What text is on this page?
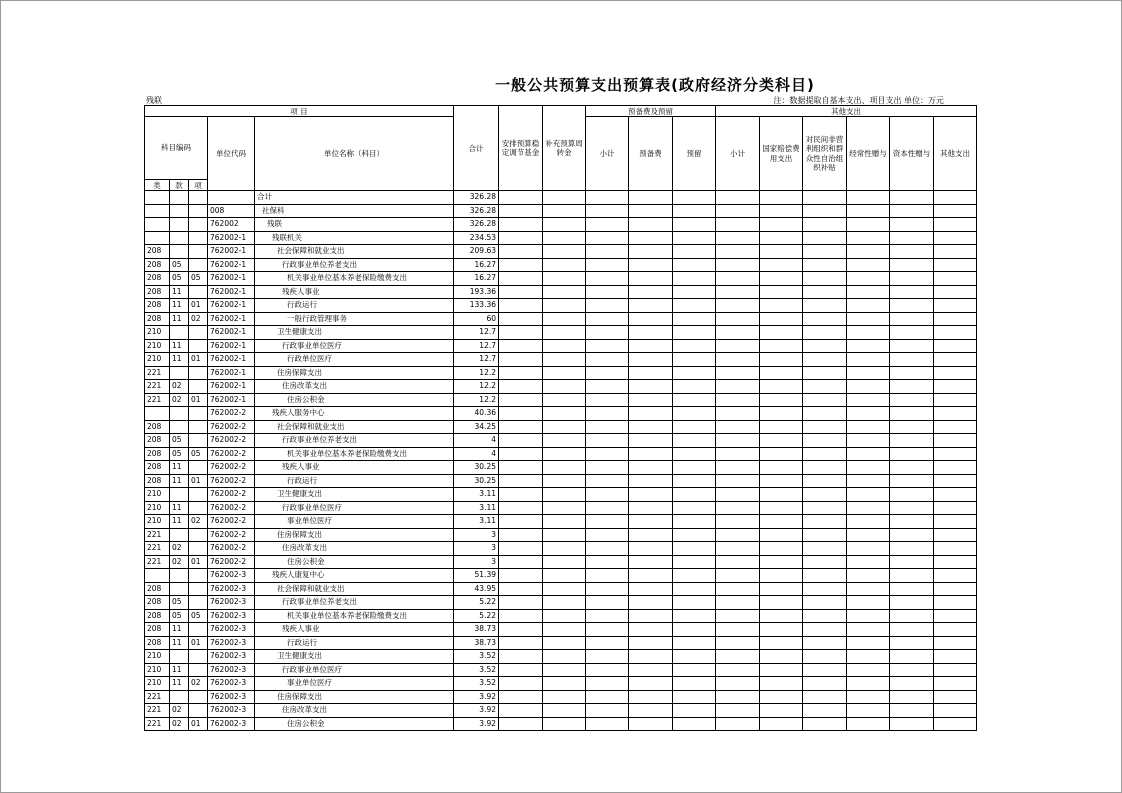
一般公共预算支出预算表(政府经济分类科目)
残联	注：数据提取自基本支出、项目支出 单位：万元
项 目					合计	安排预算稳定调节基金	补充预算周转金	预备费及预留			其他支出					
科目编码			单位代码	单位名称（科目）				小计	预备费	预留	小计	国家赔偿费用支出	对民间非营利组织和群众性自治组织补贴	经常性赠与	资本性赠与	其他支出
类	款	项														
				合计	326.28											
			008	社保科	326.28											
			762002	残联	326.28											
			762002-1	残联机关	234.53											
208			762002-1	社会保障和就业支出	209.63											
208	05		762002-1	行政事业单位养老支出	16.27											
208	05	05	762002-1	机关事业单位基本养老保险缴费支出	16.27											
208	11		762002-1	残疾人事业	193.36											
208	11	01	762002-1	行政运行	133.36											
208	11	02	762002-1	一般行政管理事务	60											
210			762002-1	卫生健康支出	12.7											
210	11		762002-1	行政事业单位医疗	12.7											
210	11	01	762002-1	行政单位医疗	12.7											
221			762002-1	住房保障支出	12.2											
221	02		762002-1	住房改革支出	12.2											
221	02	01	762002-1	住房公积金	12.2											
			762002-2	残疾人服务中心	40.36											
208			762002-2	社会保障和就业支出	34.25											
208	05		762002-2	行政事业单位养老支出	4											
208	05	05	762002-2	机关事业单位基本养老保险缴费支出	4											
208	11		762002-2	残疾人事业	30.25											
208	11	01	762002-2	行政运行	30.25											
210			762002-2	卫生健康支出	3.11											
210	11		762002-2	行政事业单位医疗	3.11											
210	11	02	762002-2	事业单位医疗	3.11											
221			762002-2	住房保障支出	3											
221	02		762002-2	住房改革支出	3											
221	02	01	762002-2	住房公积金	3											
			762002-3	残疾人康复中心	51.39											
208			762002-3	社会保障和就业支出	43.95											
208	05		762002-3	行政事业单位养老支出	5.22											
208	05	05	762002-3	机关事业单位基本养老保险缴费支出	5.22											
208	11		762002-3	残疾人事业	38.73											
208	11	01	762002-3	行政运行	38.73											
210			762002-3	卫生健康支出	3.52											
210	11		762002-3	行政事业单位医疗	3.52											
210	11	02	762002-3	事业单位医疗	3.52											
221			762002-3	住房保障支出	3.92											
221	02		762002-3	住房改革支出	3.92											
221	02	01	762002-3	住房公积金	3.92											
